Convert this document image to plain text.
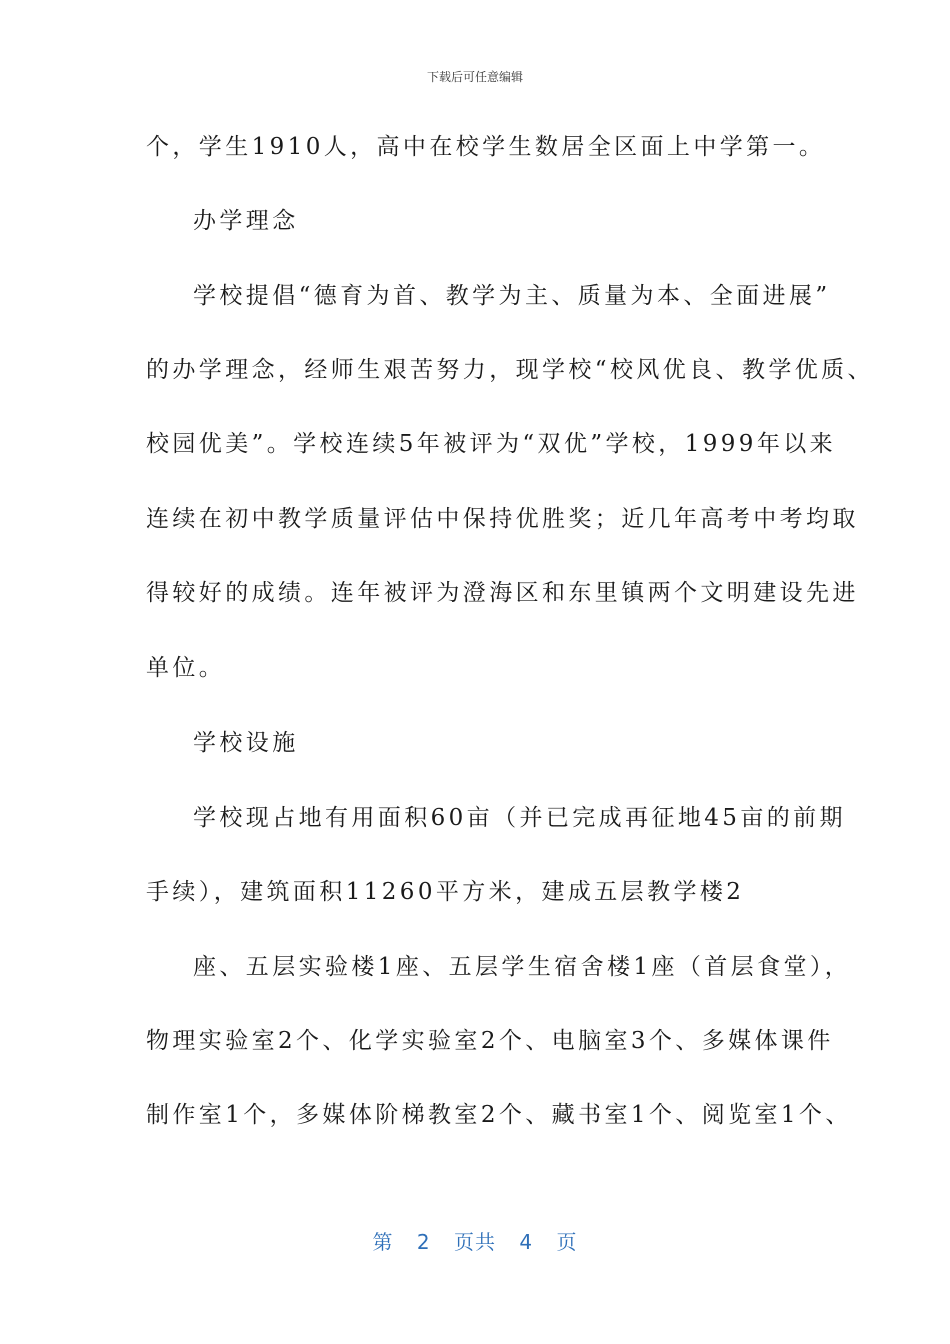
下载后可任意编辑
个，学生1910人，高中在校学生数居全区面上中学第一。
办学理念
学校提倡“德育为首、教学为主、质量为本、全面进展”
的办学理念，经师生艰苦努力，现学校“校风优良、教学优质、
校园优美”。学校连续5年被评为“双优”学校，1999年以来
连续在初中教学质量评估中保持优胜奖；近几年高考中考均取
得较好的成绩。连年被评为澄海区和东里镇两个文明建设先进
单位。
学校设施
学校现占地有用面积60亩（并已完成再征地45亩的前期
手续），建筑面积11260平方米，建成五层教学楼2
座、五层实验楼1座、五层学生宿舍楼1座（首层食堂），
物理实验室2个、化学实验室2个、电脑室3个、多媒体课件
制作室1个，多媒体阶梯教室2个、藏书室1个、阅览室1个、
第 2 页共 4 页
